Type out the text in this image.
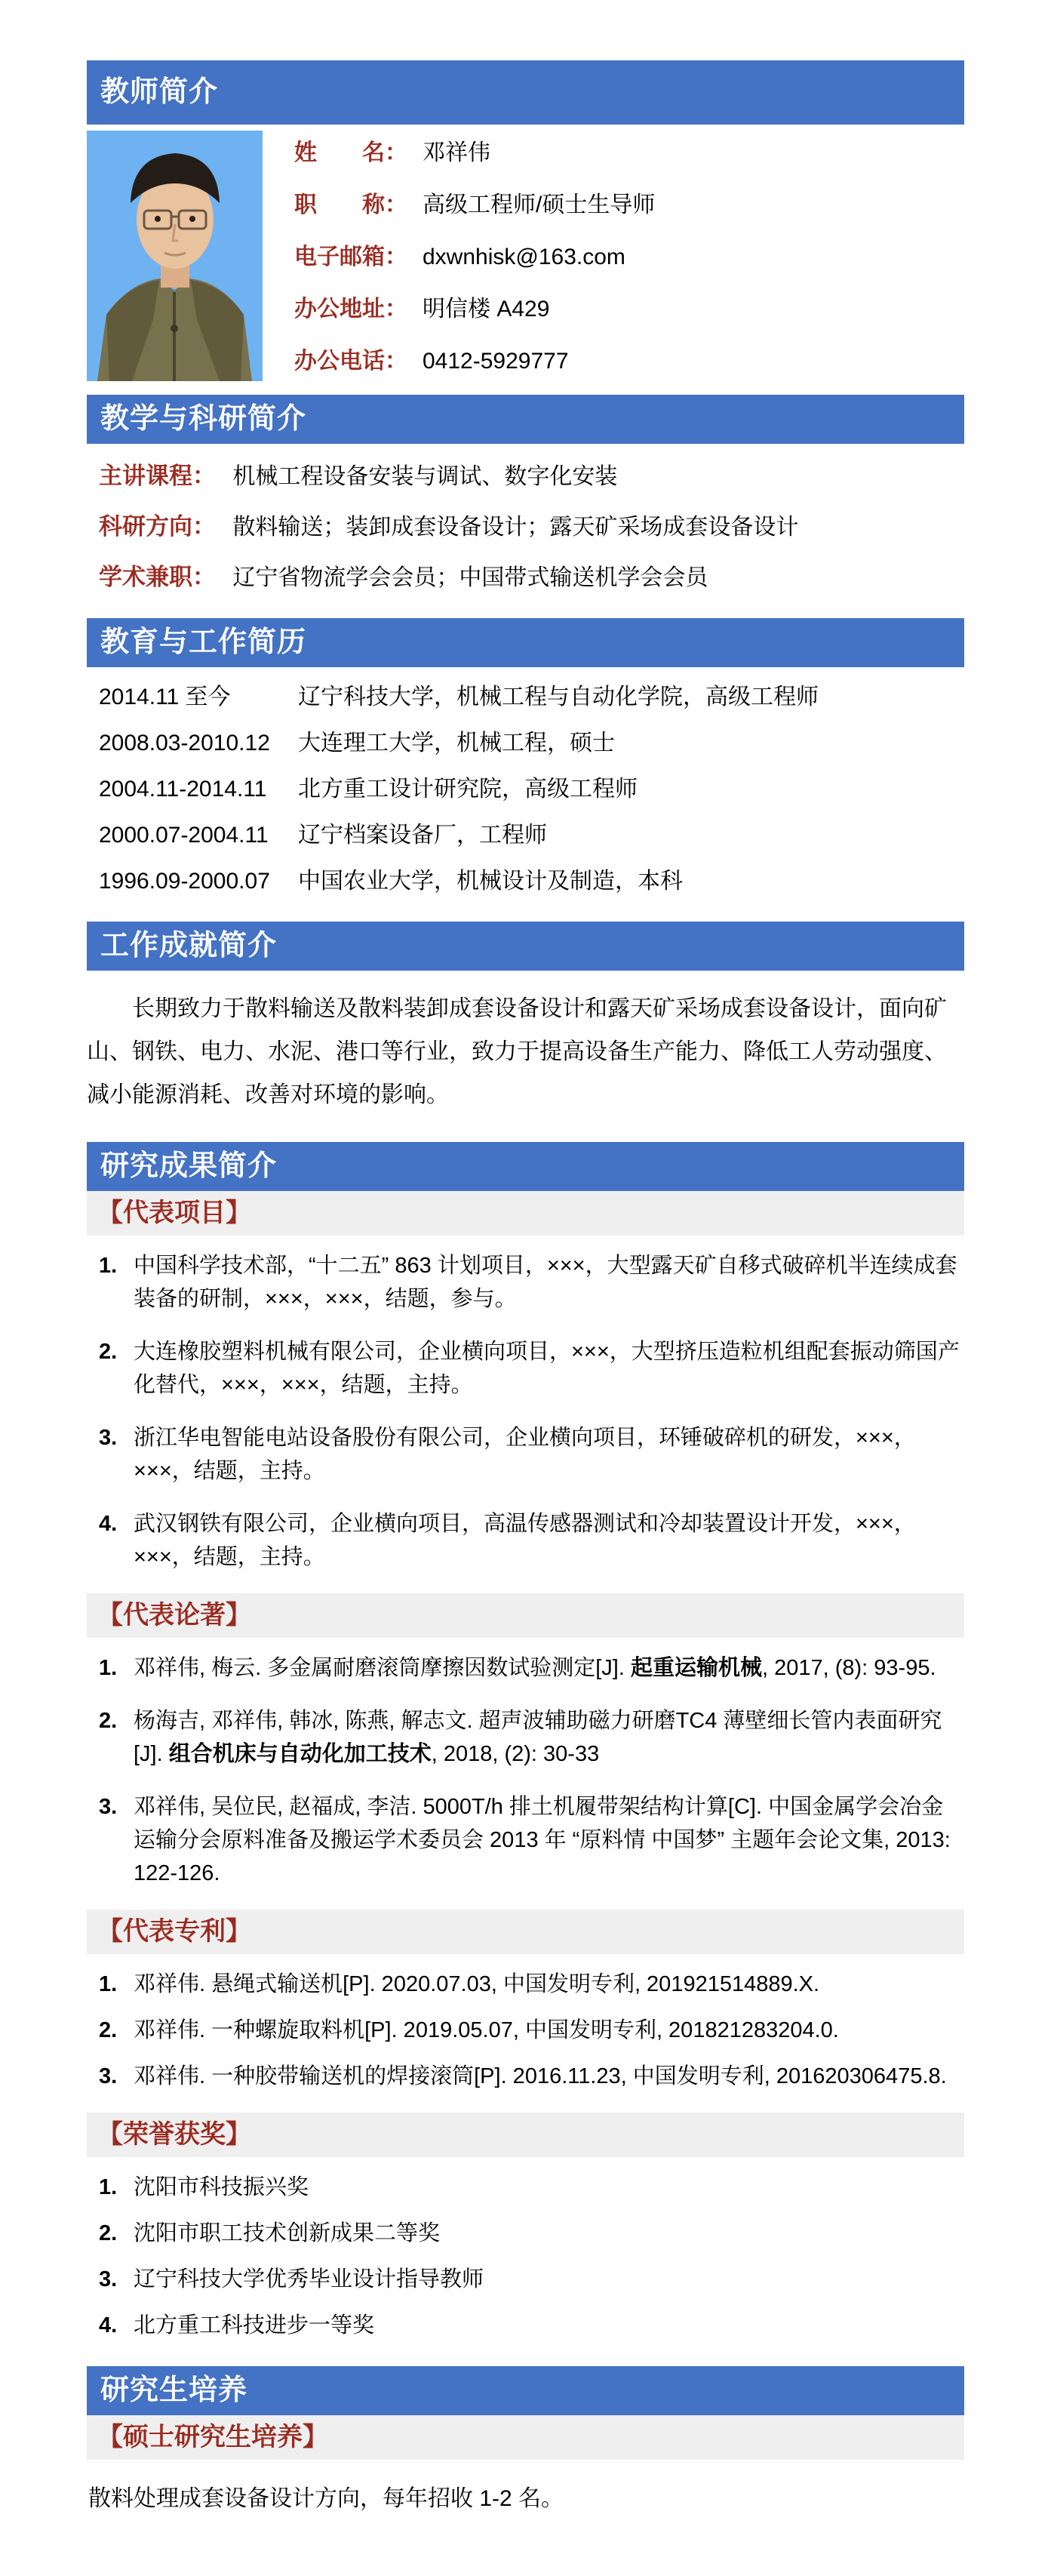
教师简介
姓　　名： 邓祥伟
职　　称： 高级工程师/硕士生导师
电子邮箱： dxwnhisk@163.com
办公地址： 明信楼 A429
办公电话： 0412-5929777
教学与科研简介
主讲课程： 机械工程设备安装与调试、数字化安装
科研方向： 散料输送；装卸成套设备设计；露天矿采场成套设备设计
学术兼职： 辽宁省物流学会会员；中国带式输送机学会会员
教育与工作简历
2014.11 至今	辽宁科技大学，机械工程与自动化学院，高级工程师
2008.03-2010.12	大连理工大学，机械工程，硕士
2004.11-2014.11	北方重工设计研究院，高级工程师
2000.07-2004.11	辽宁档案设备厂，工程师
1996.09-2000.07	中国农业大学，机械设计及制造，本科
工作成就简介

长期致力于散料输送及散料装卸成套设备设计和露天矿采场成套设备设计，面向矿山、钢铁、电力、水泥、港口等行业，致力于提高设备生产能力、降低工人劳动强度、减小能源消耗、改善对环境的影响。

研究成果简介
【代表项目】
1. 中国科学技术部，“十二五” 863 计划项目，×××，大型露天矿自移式破碎机半连续成套装备的研制，×××，×××，结题，参与。
2. 大连橡胶塑料机械有限公司，企业横向项目，×××，大型挤压造粒机组配套振动筛国产化替代，×××，×××，结题，主持。
3. 浙江华电智能电站设备股份有限公司，企业横向项目，环锤破碎机的研发，×××，×××，结题，主持。
4. 武汉钢铁有限公司，企业横向项目，高温传感器测试和冷却装置设计开发，×××，×××，结题，主持。
【代表论著】
1. 邓祥伟, 梅云. 多金属耐磨滚筒摩擦因数试验测定[J]. 起重运输机械, 2017, (8): 93-95.
2. 杨海吉, 邓祥伟, 韩冰, 陈燕, 解志文. 超声波辅助磁力研磨TC4 薄壁细长管内表面研究[J]. 组合机床与自动化加工技术, 2018, (2): 30-33
3. 邓祥伟, 吴位民, 赵福成, 李洁. 5000T/h 排土机履带架结构计算[C]. 中国金属学会冶金运输分会原料准备及搬运学术委员会 2013 年 “原料情 中国梦” 主题年会论文集, 2013: 122-126.
【代表专利】
1. 邓祥伟. 悬绳式输送机[P]. 2020.07.03, 中国发明专利, 201921514889.X.
2. 邓祥伟. 一种螺旋取料机[P]. 2019.05.07, 中国发明专利, 201821283204.0.
3. 邓祥伟. 一种胶带输送机的焊接滚筒[P]. 2016.11.23, 中国发明专利, 201620306475.8.
【荣誉获奖】
1. 沈阳市科技振兴奖
2. 沈阳市职工技术创新成果二等奖
3. 辽宁科技大学优秀毕业设计指导教师
4. 北方重工科技进步一等奖
研究生培养
【硕士研究生培养】

散料处理成套设备设计方向，每年招收 1-2 名。
